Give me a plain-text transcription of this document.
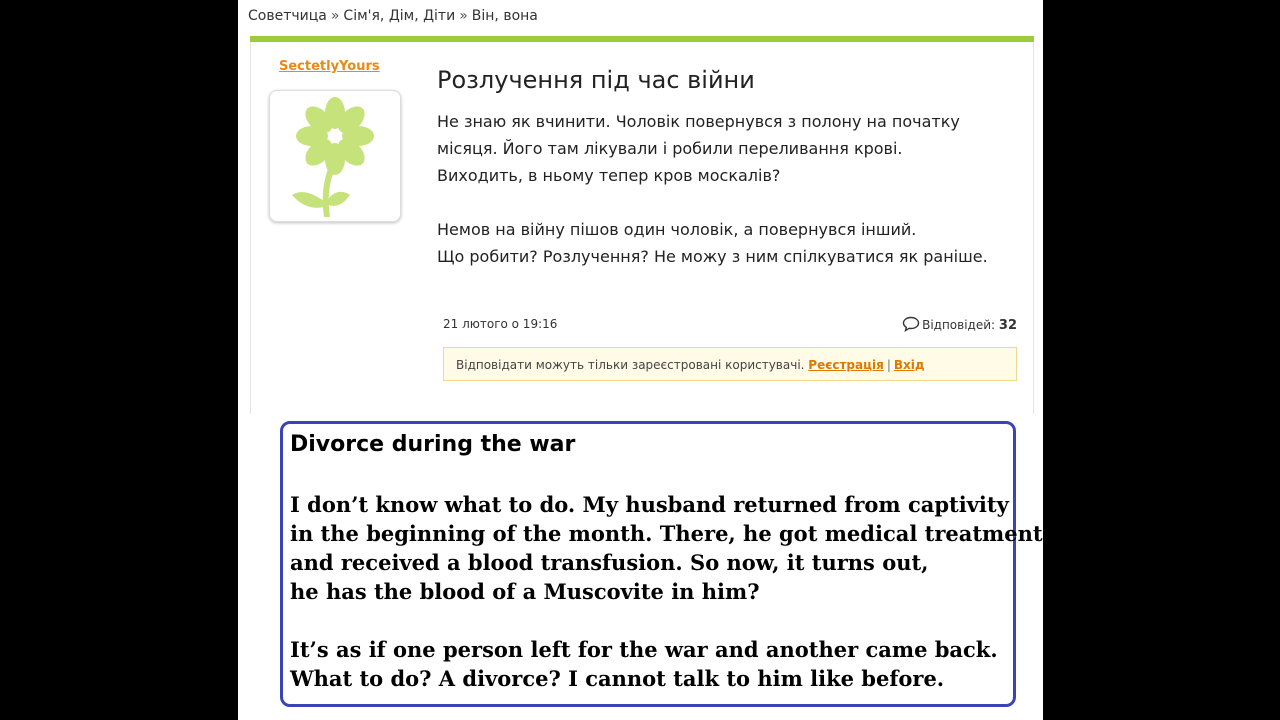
Советчица » Сім'я, Дім, Діти » Він, вона
SectetlyYours Розлучення під час війни

Не знаю як вчинити. Чоловік повернувся з полону на початку

місяця. Його там лікували і робили переливання крові.

Виходить, в ньому тепер кров москалів?

Немов на війну пішов один чоловік, а повернувся інший.

Що робити? Розлучення? Не можу з ним спілкуватися як раніше.

21 лютого о 19:16	Відповідей: 32
Відповідати можуть тільки зареєстровані користувачі. Реєстрація | Вхід
Divorce during the war

I don’t know what to do. My husband returned from captivity

in the beginning of the month. There, he got medical treatment

and received a blood transfusion. So now, it turns out,

he has the blood of a Muscovite in him?

It’s as if one person left for the war and another came back.

What to do? A divorce? I cannot talk to him like before.
